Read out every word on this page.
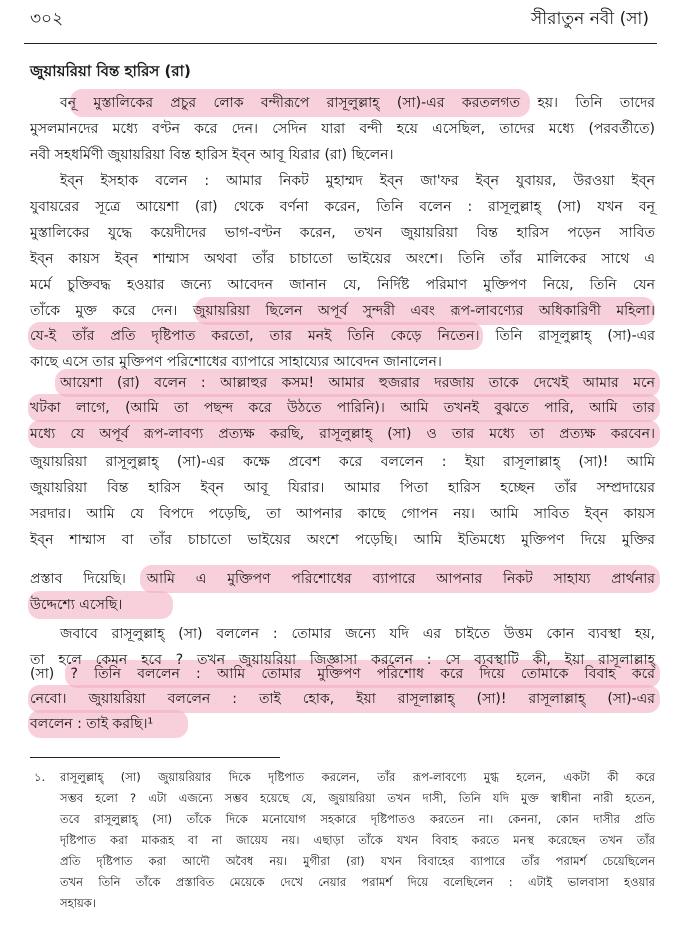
৩০২	সীরাতুন নবী (সা)
জুয়ায়রিয়া বিন্ত হারিস (রা)
বনূ মুস্তালিকের প্রচুর লোক বন্দীরূপে রাসূলুল্লাহ্ (সা)-এর করতলগত হয়। তিনি তাদের
মুসলমানদের মধ্যে বণ্টন করে দেন। সেদিন যারা বন্দী হয়ে এসেছিল, তাদের মধ্যে (পরবর্তীতে)
নবী সহধর্মিণী জুয়ায়রিয়া বিন্ত হারিস ইব্ন আবূ যিরার (রা) ছিলেন।
ইব্ন ইসহাক বলেন : আমার নিকট মুহাম্মদ ইব্ন জা'ফর ইব্ন যুবায়র, উরওয়া ইব্ন
যুবায়রের সূত্রে আয়েশা (রা) থেকে বর্ণনা করেন, তিনি বলেন : রাসূলুল্লাহ্ (সা) যখন বনূ
মুস্তালিকের যুদ্ধে কয়েদীদের ভাগ-বণ্টন করেন, তখন জুয়ায়রিয়া বিন্ত হারিস পড়েন সাবিত
ইব্ন কায়স ইব্ন শাম্মাস অথবা তাঁর চাচাতো ভাইয়ের অংশে। তিনি তাঁর মালিকের সাথে এ
মর্মে চুক্তিবদ্ধ হওয়ার জন্যে আবেদন জানান যে, নির্দিষ্ট পরিমাণ মুক্তিপণ নিয়ে, তিনি যেন
তাঁকে মুক্ত করে দেন। জুয়ায়রিয়া ছিলেন অপূর্ব সুন্দরী এবং রূপ-লাবণ্যের অধিকারিণী মহিলা।
যে-ই তাঁর প্রতি দৃষ্টিপাত করতো, তার মনই তিনি কেড়ে নিতেন। তিনি রাসূলুল্লাহ্ (সা)-এর
কাছে এসে তার মুক্তিপণ পরিশোধের ব্যাপারে সাহায্যের আবেদন জানালেন।
আয়েশা (রা) বলেন : আল্লাহুর কসম! আমার হুজরার দরজায় তাকে দেখেই আমার মনে
খটকা লাগে, (আমি তা পছন্দ করে উঠতে পারিনি)। আমি তখনই বুঝতে পারি, আমি তার
মধ্যে যে অপূর্ব রূপ-লাবণ্য প্রত্যক্ষ করছি, রাসূলুল্লাহ্ (সা) ও তার মধ্যে তা প্রত্যক্ষ করবেন।
জুয়ায়রিয়া রাসূলুল্লাহ্ (সা)-এর কক্ষে প্রবেশ করে বললেন : ইয়া রাসূলাল্লাহ্ (সা)! আমি
জুয়ায়রিয়া বিন্ত হারিস ইব্ন আবূ যিরার। আমার পিতা হারিস হচ্ছেন তাঁর সম্প্রদায়ের
সরদার। আমি যে বিপদে পড়েছি, তা আপনার কাছে গোপন নয়। আমি সাবিত ইব্ন কায়স
ইব্ন শাম্মাস বা তাঁর চাচাতো ভাইয়ের অংশে পড়েছি। আমি ইতিমধ্যে মুক্তিপণ দিয়ে মুক্তির
প্রস্তাব দিয়েছি। আমি এ মুক্তিপণ পরিশোধের ব্যাপারে আপনার নিকট সাহায্য প্রার্থনার
উদ্দেশ্যে এসেছি।
জবাবে রাসূলুল্লাহ্ (সা) বললেন : তোমার জন্যে যদি এর চাইতে উত্তম কোন ব্যবস্থা হয়,
তা হলে কেমন হবে ? তখন জুয়ায়রিয়া জিজ্ঞাসা করলেন : সে ব্যবস্থাটি কী, ইয়া রাসূলাল্লাহ্
(সা) ? তিনি বললেন : আমি তোমার মুক্তিপণ পরিশোধ করে দিয়ে তোমাকে বিবাহ করে
নেবো। জুয়ায়রিয়া বললেন : তাই হোক, ইয়া রাসূলাল্লাহ্ (সা)! রাসূলাল্লাহ্ (সা)-এর
বললেন : তাই করছি।¹
১. রাসূলুল্লাহ্ (সা) জুয়ায়রিয়ার দিকে দৃষ্টিপাত করলেন, তাঁর রূপ-লাবণ্যে মুগ্ধ হলেন, একটা কী করে
সম্ভব হলো ? এটা এজন্যে সম্ভব হয়েছে যে, জুয়ায়রিয়া তখন দাসী, তিনি যদি মুক্ত স্বাধীনা নারী হতেন,
তবে রাসূলুল্লাহ্ (সা) তাঁকে দিকে মনোযোগ সহকারে দৃষ্টিপাতও করতেন না। কেননা, কোন দাসীর প্রতি
দৃষ্টিপাত করা মাকরূহ বা না জায়েয নয়। এছাড়া তাঁকে যখন বিবাহ করতে মনস্থ করেছেন তখন তাঁর
প্রতি দৃষ্টিপাত করা আদৌ অবৈধ নয়। মুগীরা (রা) যখন বিবাহের ব্যাপারে তাঁর পরামর্শ চেয়েছিলেন
তখন তিনি তাঁকে প্রস্তাবিত মেয়েকে দেখে নেয়ার পরামর্শ দিয়ে বলেছিলেন : এটাই ভালবাসা হওয়ার
সহায়ক।
